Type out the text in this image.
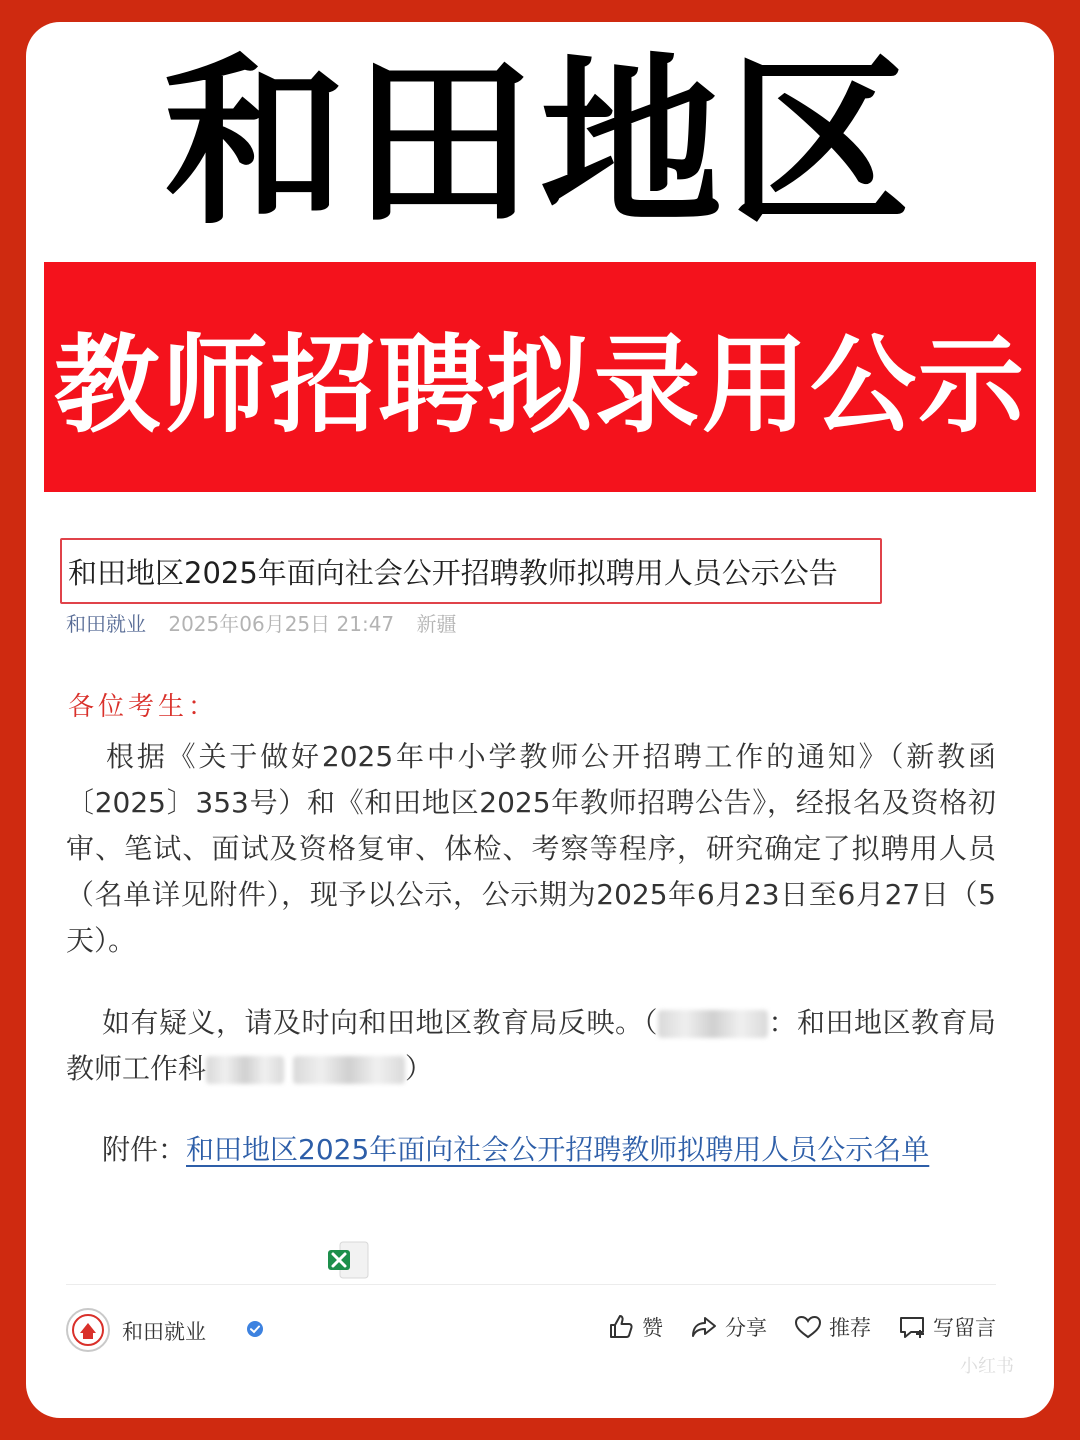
和田地区
教师招聘拟录用公示
和田地区2025年面向社会公开招聘教师拟聘用人员公示公告
和田就业 2025年06月25日 21:47 新疆
各位考生：
根据《关于做好2025年中小学教师公开招聘工作的通知》（新教函〔2025〕353号）和《和田地区2025年教师招聘公告》，经报名及资格初审、笔试、面试及资格复审、体检、考察等程序，研究确定了拟聘用人员（名单详见附件），现予以公示，公示期为2025年6月23日至6月27日（5天）。
如有疑义，请及时向和田地区教育局反映。（	：和田地区教育局教师工作科	）
附件：和田地区2025年面向社会公开招聘教师拟聘用人员公示名单
和田就业	赞	分享	推荐	写留言
小红书
